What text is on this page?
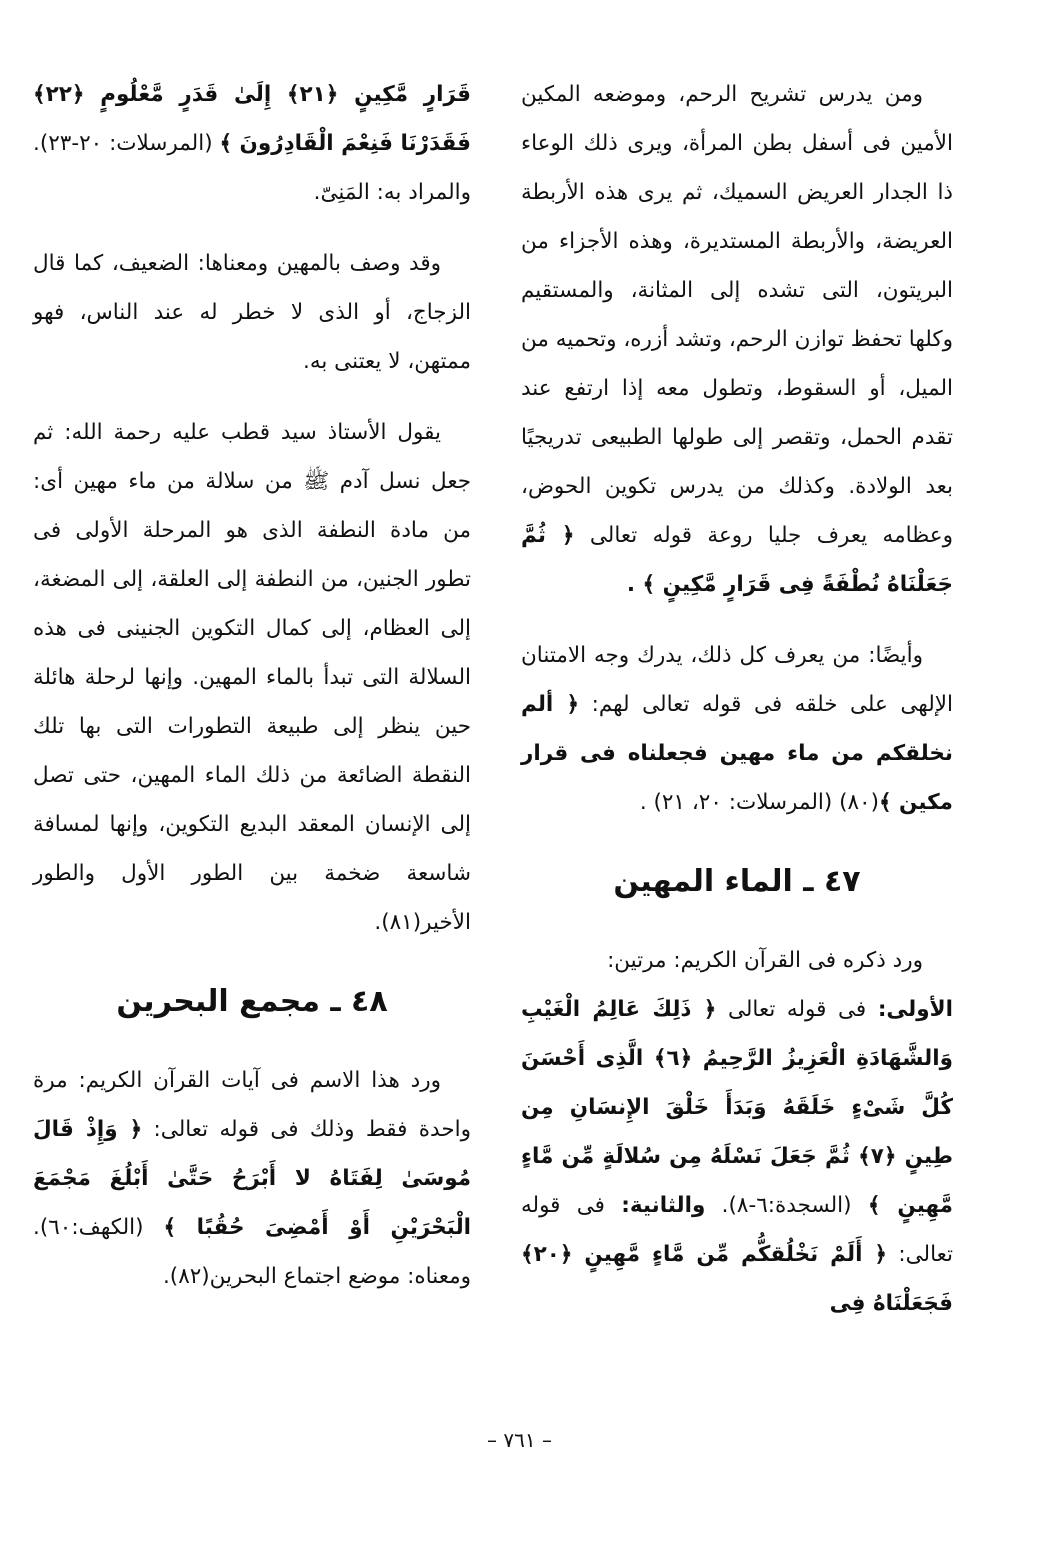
ومن يدرس تشريح الرحم، وموضعه المكين الأمين فى أسفل بطن المرأة، ويرى ذلك الوعاء ذا الجدار العريض السميك، ثم يرى هذه الأربطة العريضة، والأربطة المستديرة، وهذه الأجزاء من البريتون، التى تشده إلى المثانة، والمستقيم وكلها تحفظ توازن الرحم، وتشد أزره، وتحميه من الميل، أو السقوط، وتطول معه إذا ارتفع عند تقدم الحمل، وتقصر إلى طولها الطبيعى تدريجيًا بعد الولادة. وكذلك من يدرس تكوين الحوض، وعظامه يعرف جليا روعة قوله تعالى ﴿ ثُمَّ جَعَلْنَاهُ نُطْفَةً فِى قَرَارٍ مَّكِينٍ ﴾ .

وأيضًا: من يعرف كل ذلك، يدرك وجه الامتنان الإلهى على خلقه فى قوله تعالى لهم: ﴿ ألم نخلقكم من ماء مهين فجعلناه فى قرار مكين ﴾(٨٠) (المرسلات: ٢٠، ٢١) .

٤٧ ـ الماء المهين

ورد ذكره فى القرآن الكريم: مرتين:
الأولى: فى قوله تعالى ﴿ ذَلِكَ عَالِمُ الْغَيْبِ وَالشَّهَادَةِ الْعَزِيزُ الرَّحِيمُ ﴿٦﴾ الَّذِى أَحْسَنَ كُلَّ شَىْءٍ خَلَقَهُ وَبَدَأَ خَلْقَ الإِنسَانِ مِن طِينٍ ﴿٧﴾ ثُمَّ جَعَلَ نَسْلَهُ مِن سُلالَةٍ مِّن مَّاءٍ مَّهِينٍ ﴾ (السجدة:٦-٨). والثانية: فى قوله تعالى: ﴿ أَلَمْ نَخْلُقكُّم مِّن مَّاءٍ مَّهِينٍ ﴿٢٠﴾ فَجَعَلْنَاهُ فِى

قَرَارٍ مَّكِينٍ ﴿٢١﴾ إِلَىٰ قَدَرٍ مَّعْلُومٍ ﴿٢٢﴾ فَقَدَرْنَا فَنِعْمَ الْقَادِرُونَ ﴾ (المرسلات: ٢٠-٢٣). والمراد به: المَنِىّ.

وقد وصف بالمهين ومعناها: الضعيف، كما قال الزجاج، أو الذى لا خطر له عند الناس، فهو ممتهن، لا يعتنى به.

يقول الأستاذ سيد قطب عليه رحمة الله: ثم جعل نسل آدم ﷺ من سلالة من ماء مهين أى: من مادة النطفة الذى هو المرحلة الأولى فى تطور الجنين، من النطفة إلى العلقة، إلى المضغة، إلى العظام، إلى كمال التكوين الجنينى فى هذه السلالة التى تبدأ بالماء المهين. وإنها لرحلة هائلة حين ينظر إلى طبيعة التطورات التى بها تلك النقطة الضائعة من ذلك الماء المهين، حتى تصل إلى الإنسان المعقد البديع التكوين، وإنها لمسافة شاسعة ضخمة بين الطور الأول والطور الأخير(٨١).

٤٨ ـ مجمع البحرين

ورد هذا الاسم فى آيات القرآن الكريم: مرة واحدة فقط وذلك فى قوله تعالى: ﴿ وَإِذْ قَالَ مُوسَىٰ لِفَتَاهُ لا أَبْرَحُ حَتَّىٰ أَبْلُغَ مَجْمَعَ الْبَحْرَيْنِ أَوْ أَمْضِىَ حُقُبًا ﴾ (الكهف:٦٠). ومعناه: موضع اجتماع البحرين(٨٢).

– ٧٦١ –
